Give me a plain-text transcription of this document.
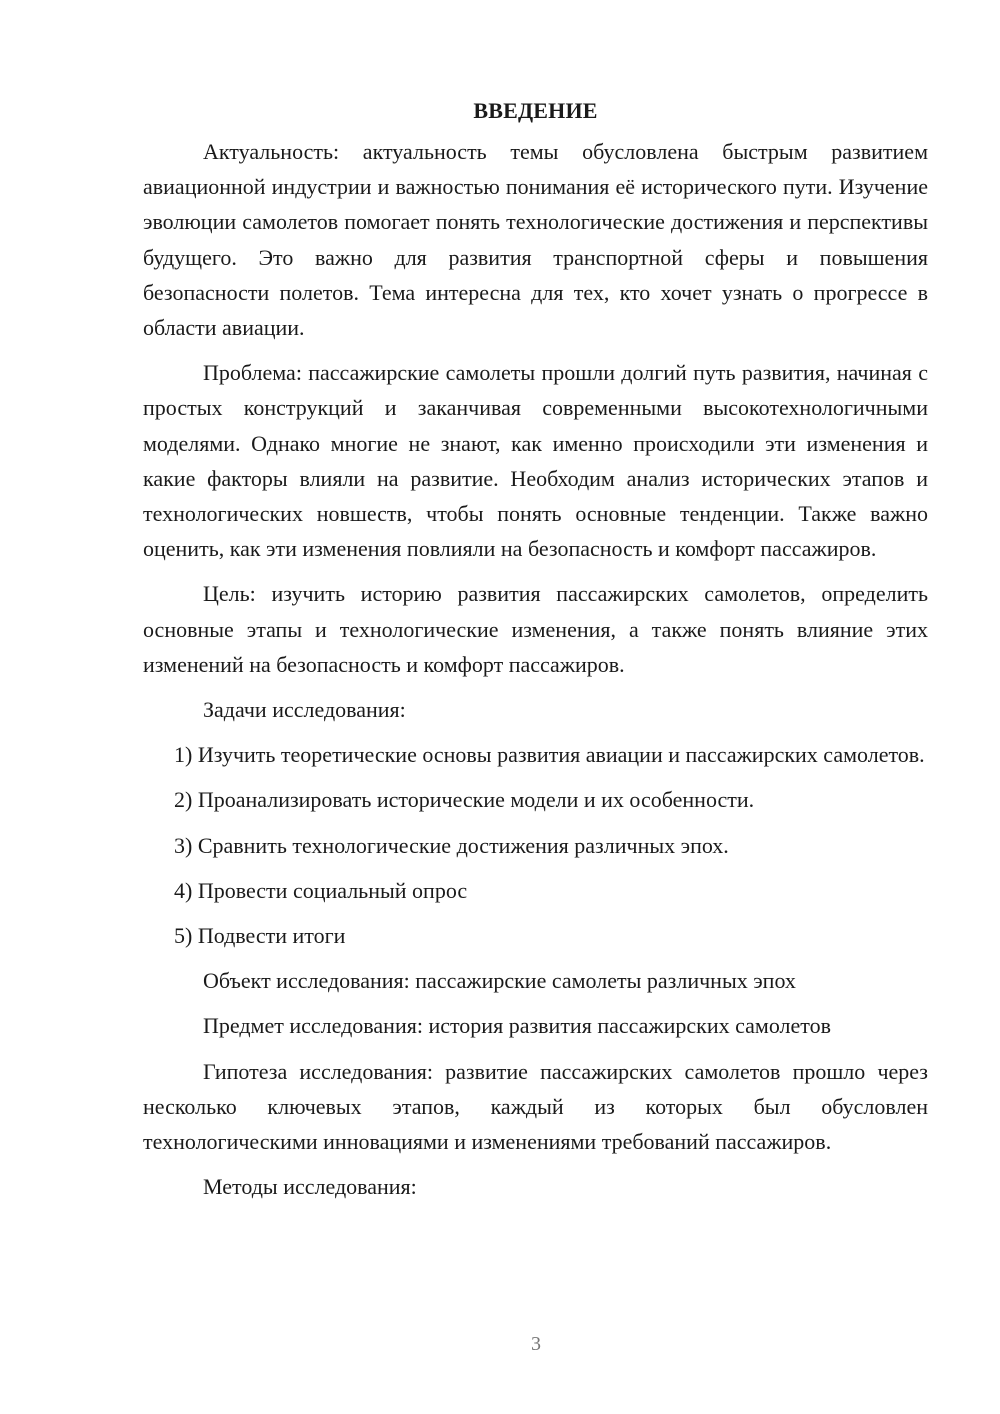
ВВЕДЕНИЕ

Актуальность: актуальность темы обусловлена быстрым развитием авиационной индустрии и важностью понимания её исторического пути. Изучение эволюции самолетов помогает понять технологические достижения и перспективы будущего. Это важно для развития транспортной сферы и повышения безопасности полетов. Тема интересна для тех, кто хочет узнать о прогрессе в области авиации.

Проблема: пассажирские самолеты прошли долгий путь развития, начиная с простых конструкций и заканчивая современными высокотехнологичными моделями. Однако многие не знают, как именно происходили эти изменения и какие факторы влияли на развитие. Необходим анализ исторических этапов и технологических новшеств, чтобы понять основные тенденции. Также важно оценить, как эти изменения повлияли на безопасность и комфорт пассажиров.

Цель: изучить историю развития пассажирских самолетов, определить основные этапы и технологические изменения, а также понять влияние этих изменений на безопасность и комфорт пассажиров.

Задачи исследования:

1) Изучить теоретические основы развития авиации и пассажирских самолетов.

2) Проанализировать исторические модели и их особенности.

3) Сравнить технологические достижения различных эпох.

4) Провести социальный опрос

5) Подвести итоги

Объект исследования: пассажирские самолеты различных эпох

Предмет исследования: история развития пассажирских самолетов

Гипотеза исследования: развитие пассажирских самолетов прошло через несколько ключевых этапов, каждый из которых был обусловлен технологическими инновациями и изменениями требований пассажиров.

Методы исследования:

3
